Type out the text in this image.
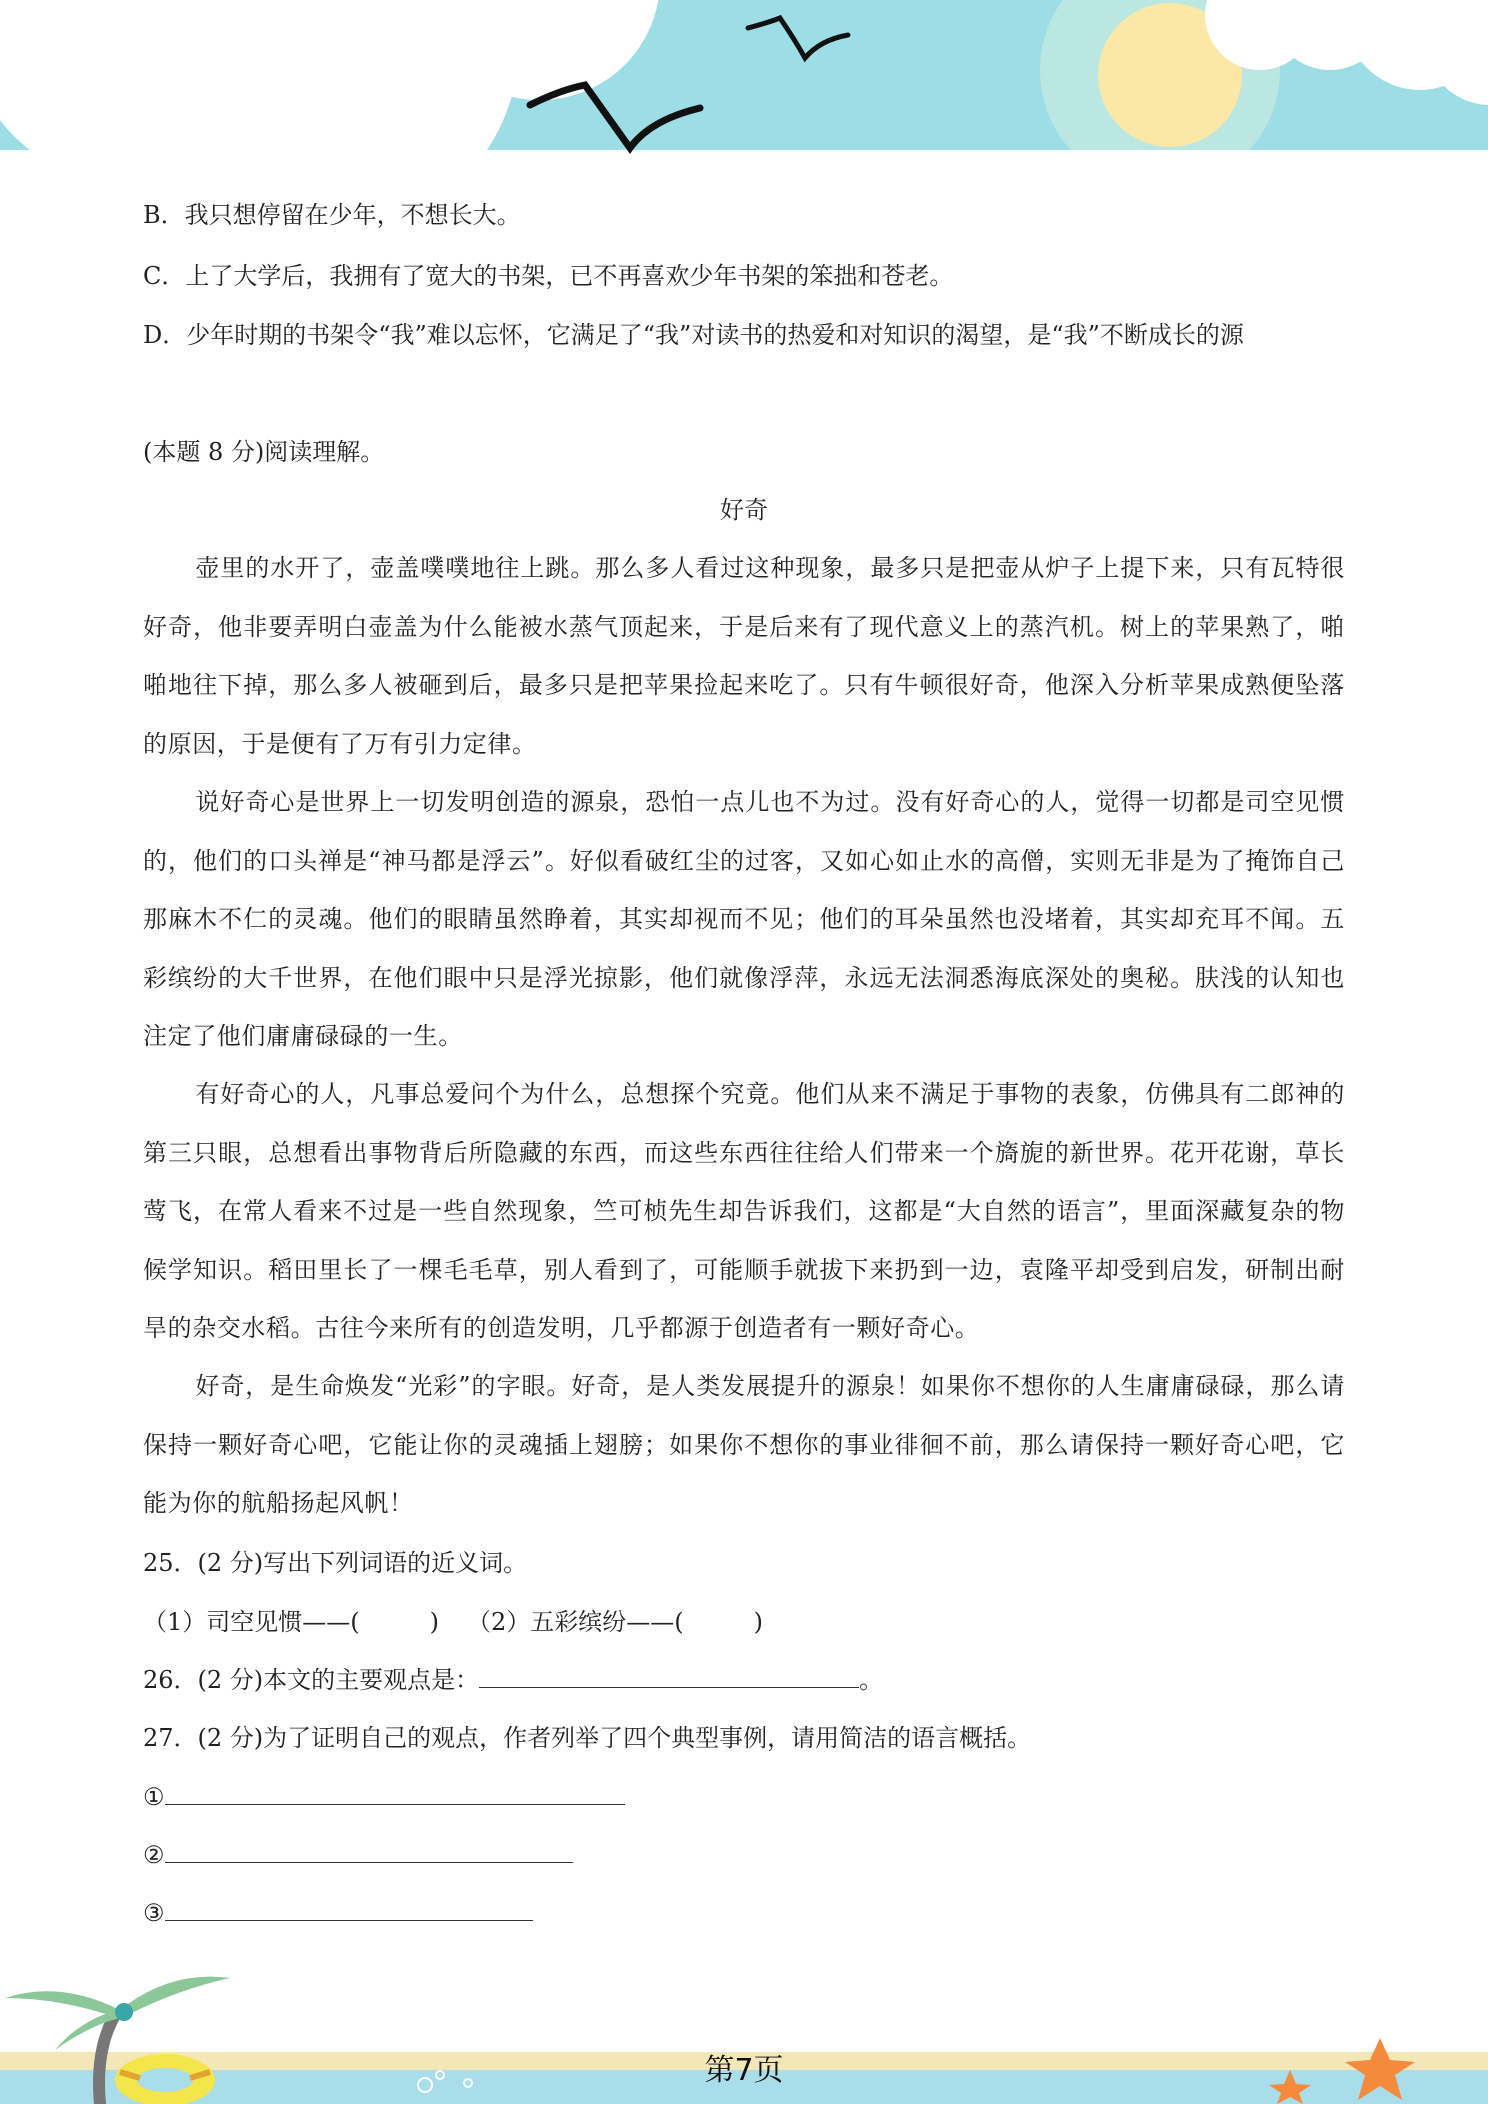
B．我只想停留在少年，不想长大。
C．上了大学后，我拥有了宽大的书架，已不再喜欢少年书架的笨拙和苍老。
D．少年时期的书架令“我”难以忘怀，它满足了“我”对读书的热爱和对知识的渴望，是“我”不断成长的源
(本题 8 分)阅读理解。
好奇
壶里的水开了，壶盖噗噗地往上跳。那么多人看过这种现象，最多只是把壶从炉子上提下来，只有瓦特很好奇，他非要弄明白壶盖为什么能被水蒸气顶起来，于是后来有了现代意义上的蒸汽机。树上的苹果熟了，啪啪地往下掉，那么多人被砸到后，最多只是把苹果捡起来吃了。只有牛顿很好奇，他深入分析苹果成熟便坠落的原因，于是便有了万有引力定律。
说好奇心是世界上一切发明创造的源泉，恐怕一点儿也不为过。没有好奇心的人，觉得一切都是司空见惯的，他们的口头禅是“神马都是浮云”。好似看破红尘的过客，又如心如止水的高僧，实则无非是为了掩饰自己那麻木不仁的灵魂。他们的眼睛虽然睁着，其实却视而不见；他们的耳朵虽然也没堵着，其实却充耳不闻。五彩缤纷的大千世界，在他们眼中只是浮光掠影，他们就像浮萍，永远无法洞悉海底深处的奥秘。肤浅的认知也注定了他们庸庸碌碌的一生。
有好奇心的人，凡事总爱问个为什么，总想探个究竟。他们从来不满足于事物的表象，仿佛具有二郎神的第三只眼，总想看出事物背后所隐藏的东西，而这些东西往往给人们带来一个旖旎的新世界。花开花谢，草长莺飞，在常人看来不过是一些自然现象，竺可桢先生却告诉我们，这都是“大自然的语言”，里面深藏复杂的物候学知识。稻田里长了一棵毛毛草，别人看到了，可能顺手就拔下来扔到一边，袁隆平却受到启发，研制出耐旱的杂交水稻。古往今来所有的创造发明，几乎都源于创造者有一颗好奇心。
好奇，是生命焕发“光彩”的字眼。好奇，是人类发展提升的源泉！如果你不想你的人生庸庸碌碌，那么请保持一颗好奇心吧，它能让你的灵魂插上翅膀；如果你不想你的事业徘徊不前，那么请保持一颗好奇心吧，它能为你的航船扬起风帆！
25．(2 分)写出下列词语的近义词。
（1）司空见惯——(	) （2）五彩缤纷——(	)
26．(2 分)本文的主要观点是：	。
27．(2 分)为了证明自己的观点，作者列举了四个典型事例，请用简洁的语言概括。
①
②
③
第7页
